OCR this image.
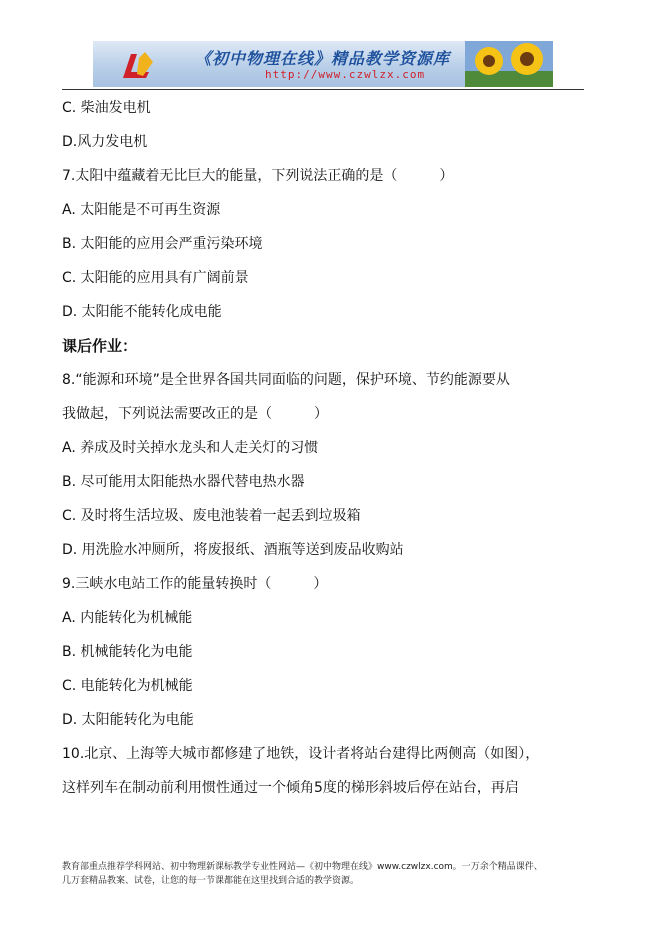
《初中物理在线》精品教学资源库
http://www.czwlzx.com
C. 柴油发电机
D.风力发电机
7.太阳中蕴藏着无比巨大的能量，下列说法正确的是（　　　）
A. 太阳能是不可再生资源
B. 太阳能的应用会严重污染环境
C. 太阳能的应用具有广阔前景
D. 太阳能不能转化成电能
课后作业：
8.“能源和环境”是全世界各国共同面临的问题，保护环境、节约能源要从
我做起，下列说法需要改正的是（　　　）
A. 养成及时关掉水龙头和人走关灯的习惯
B. 尽可能用太阳能热水器代替电热水器
C. 及时将生活垃圾、废电池装着一起丢到垃圾箱
D. 用洗脸水冲厕所，将废报纸、酒瓶等送到废品收购站
9.三峡水电站工作的能量转换时（　　　）
A. 内能转化为机械能
B. 机械能转化为电能
C. 电能转化为机械能
D. 太阳能转化为电能
10.北京、上海等大城市都修建了地铁，设计者将站台建得比两侧高（如图），
这样列车在制动前利用惯性通过一个倾角5度的梯形斜坡后停在站台，再启
教育部重点推荐学科网站、初中物理新课标教学专业性网站—《初中物理在线》www.czwlzx.com。一万余个精品课件、
几万套精品教案、试卷，让您的每一节课都能在这里找到合适的教学资源。
